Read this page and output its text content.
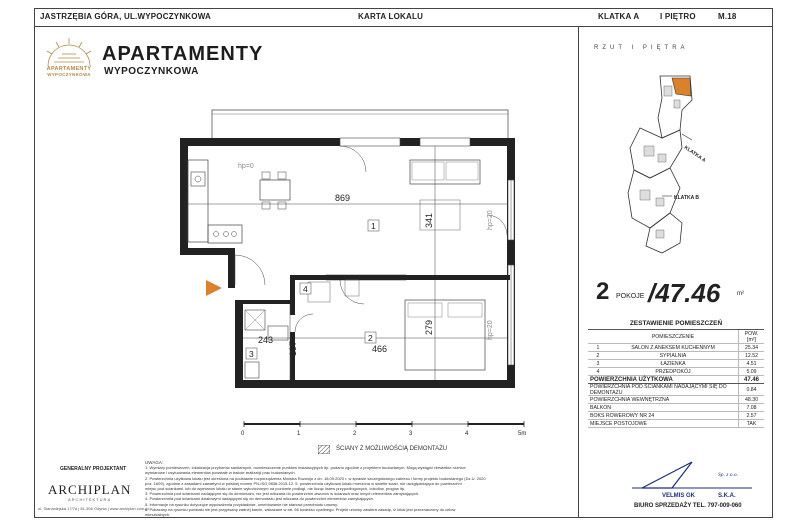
JASTRZĘBIA GÓRA, UL.WYPOCZYNKOWA	KARTA LOKALU	KLATKA A	I PIĘTRO	M.18
APARTAMENTY
WYPOCZYNKOWA
APARTAMENTY
WYPOCZYNKOWA
hp=0
hp=20
hp=20
869
341
466
279
243
197
1
2
3
4
RZUT I PIĘTRA
KLATKA A
KLATKA B
2 POKOJE /47.46	m²
ZESTAWIENIE POMIESZCZEŃ
POMIESZCZENIE	POW.
[m²]
1	SALON Z ANEKSEM KUCHENNYM	25.34
2	SYPIALNIA	12.52
3	ŁAZIENKA	4.51
4	PRZEDPOKÓJ	5.09
POWIERZCHNIA UŻYTKOWA	47.46
POWIERZCHNIA POD ŚCIANKAMI NADAJĄCYMI SIĘ DO DEMONTAŻU	0.84
POWIERZCHNIA WEWNĘTRZNA	48.30
BALKON	7.08
BOKS ROWEROWY NR 24	2.57
MIEJSCE POSTOJOWE	TAK
0	1	2	3	4	5m
ŚCIANY Z MOŻLIWOŚCIĄ DEMONTAŻU
UWAGA:
1. Wymiary pomieszczeń, lokalizacja przyborów sanitarnych, rozmieszczenie punktów instalacyjnych itp. podano zgodnie z projektem budowlanym. Mogą wystąpić niewielkie różnice
wymiarowe i usytuowania elementów powstałe w trakcie realizacji prac budowlanych.
2. Powierzchnia użytkowa lokalu jest określona na podstawie rozporządzenia Ministra Rozwoju z dn. 18.09.2020 r. w sprawie szczegółowego zakresu i formy projektu budowlanego (Dz.U. 2020
poz. 1609), zgodnie z zasadami zawartymi w polskiej normie PN-ISO 9836:2015-12. 5. powierzchnia użytkowa lokalu mierzona w świetle ścian, nie uwzględniająca do powierzchni
miejsc pod ściankami, lub do wymiarów lokalu w stanie wykończonym na poziomie podłogi, nie licząc listew przypodłogowych, cokołów, progów itp.
3. Powierzchnia pod ściankami nadającymi się do demontażu, nie jest wliczana do powierzchni otworów w ścianach oraz innych elementów zamykających.
4. Powierzchnia pod ściankami działowymi nadającymi się do demontażu jest wliczana do powierzchni elementów zamykających.
5. Informacje na rysunku dotyczące wyposażenia przykładowe, umeblowanie nie stanowi przedmiotu umowy.
6. Pokazany na rysunku podziału nie jest przypisany żadnej karcie, wskazane w art. 66 kodeksu cywilnego. Projekt umowy zawiera zasadę, iż lokal jest przeznaczony do celów
mieszkalnych.
GENERALNY PROJEKTANT
ARCHIPLAN
ARCHITEKTURA
ul. Starowiejska 17/7a | 81-356 Gdynia | www.archiplan.com.pl
VELMIS GK
Sp. z o.o.
S.K.A.
BIURO SPRZEDAŻY TEL. 797-009-060
